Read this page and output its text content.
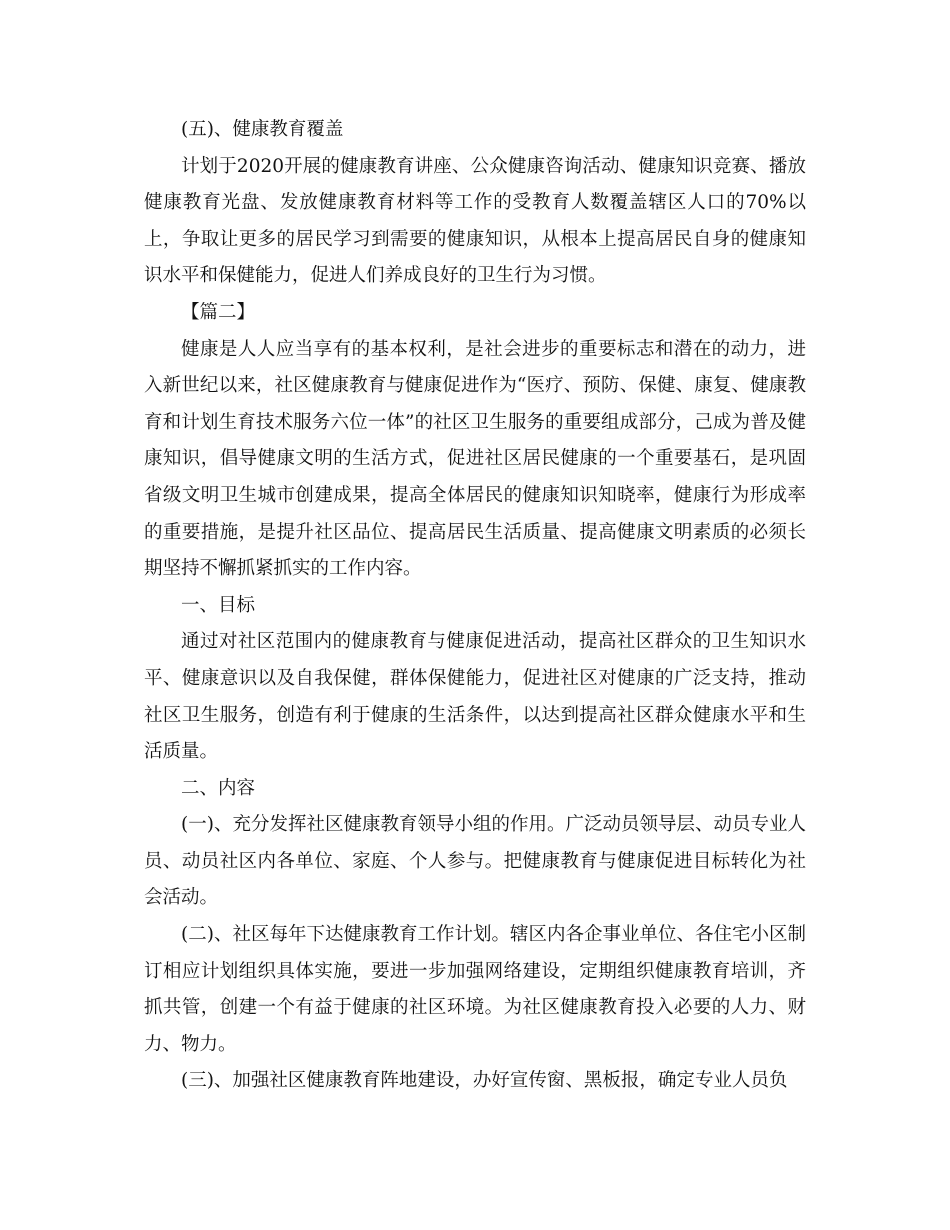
(五)、健康教育覆盖

计划于2020开展的健康教育讲座、公众健康咨询活动、健康知识竞赛、播放健康教育光盘、发放健康教育材料等工作的受教育人数覆盖辖区人口的70%以上，争取让更多的居民学习到需要的健康知识，从根本上提高居民自身的健康知识水平和保健能力，促进人们养成良好的卫生行为习惯。

【篇二】

健康是人人应当享有的基本权利，是社会进步的重要标志和潜在的动力，进入新世纪以来，社区健康教育与健康促进作为“医疗、预防、保健、康复、健康教育和计划生育技术服务六位一体”的社区卫生服务的重要组成部分，己成为普及健康知识，倡导健康文明的生活方式，促进社区居民健康的一个重要基石，是巩固省级文明卫生城市创建成果，提高全体居民的健康知识知晓率，健康行为形成率的重要措施，是提升社区品位、提高居民生活质量、提高健康文明素质的必须长期坚持不懈抓紧抓实的工作内容。

一、目标

通过对社区范围内的健康教育与健康促进活动，提高社区群众的卫生知识水平、健康意识以及自我保健，群体保健能力，促进社区对健康的广泛支持，推动社区卫生服务，创造有利于健康的生活条件，以达到提高社区群众健康水平和生活质量。

二、内容

(一)、充分发挥社区健康教育领导小组的作用。广泛动员领导层、动员专业人员、动员社区内各单位、家庭、个人参与。把健康教育与健康促进目标转化为社会活动。

(二)、社区每年下达健康教育工作计划。辖区内各企事业单位、各住宅小区制订相应计划组织具体实施，要进一步加强网络建设，定期组织健康教育培训，齐抓共管，创建一个有益于健康的社区环境。为社区健康教育投入必要的人力、财力、物力。

(三)、加强社区健康教育阵地建设，办好宣传窗、黑板报，确定专业人员负
